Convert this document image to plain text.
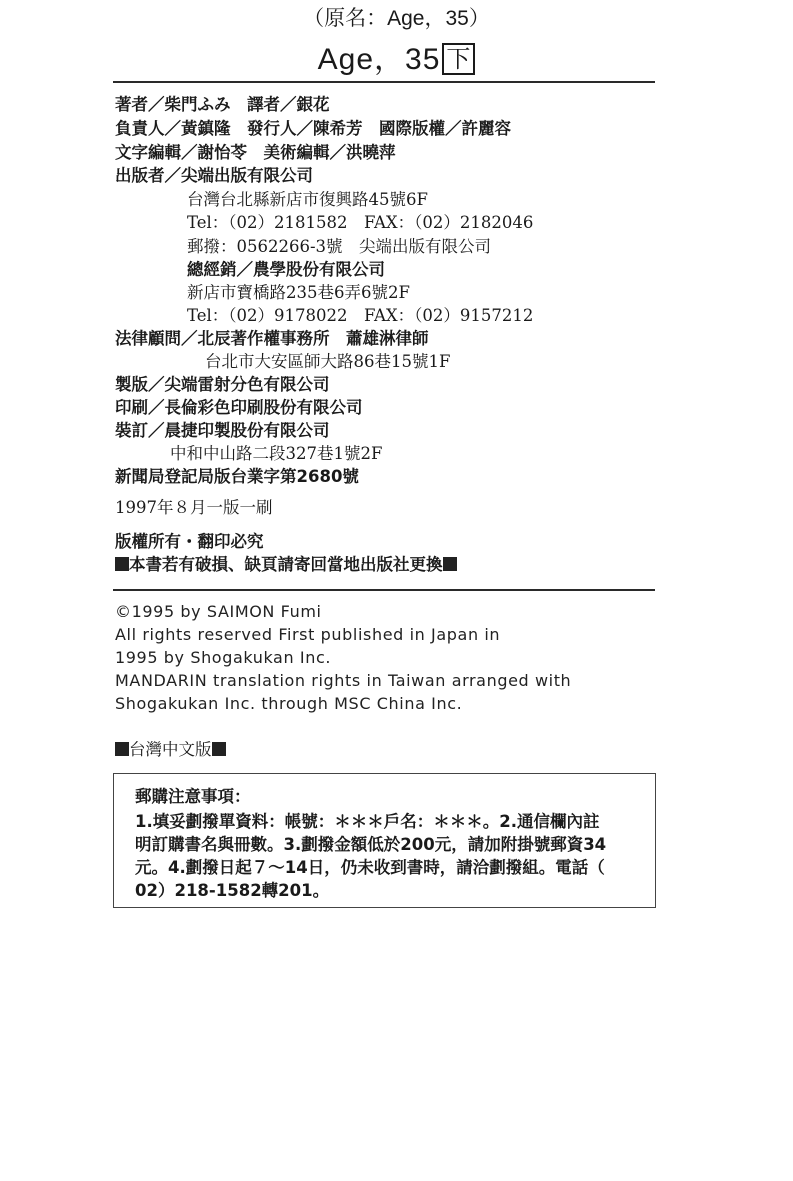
（原名：Age，35）
Age，35 下
著者／柴門ふみ　譯者／銀花
負責人／黃鎮隆　發行人／陳希芳　國際版權／許麗容
文字編輯／謝怡苓　美術編輯／洪曉萍
出版者／尖端出版有限公司
台灣台北縣新店市復興路45號6F
Tel：（02）2181582　FAX：（02）2182046
郵撥：0562266-3號　尖端出版有限公司
總經銷／農學股份有限公司
新店市寶橋路235巷6弄6號2F
Tel：（02）9178022　FAX：（02）9157212
法律顧問／北辰著作權事務所　蕭雄淋律師
台北市大安區師大路86巷15號1F
製版／尖端雷射分色有限公司
印刷／長倫彩色印刷股份有限公司
裝訂／晨捷印製股份有限公司
中和中山路二段327巷1號2F
新聞局登記局版台業字第2680號
1997年８月一版一刷
版權所有・翻印必究
本書若有破損、缺頁請寄回當地出版社更換
©1995 by SAIMON Fumi
All rights reserved First published in Japan in
1995 by Shogakukan Inc.
MANDARIN translation rights in Taiwan arranged with
Shogakukan Inc. through MSC China Inc.
台灣中文版
郵購注意事項：
1.填妥劃撥單資料：帳號：＊＊＊戶名：＊＊＊。2.通信欄內註
明訂購書名與冊數。3.劃撥金額低於200元，請加附掛號郵資34
元。4.劃撥日起７～14日，仍未收到書時，請洽劃撥組。電話（
02）218-1582轉201。
